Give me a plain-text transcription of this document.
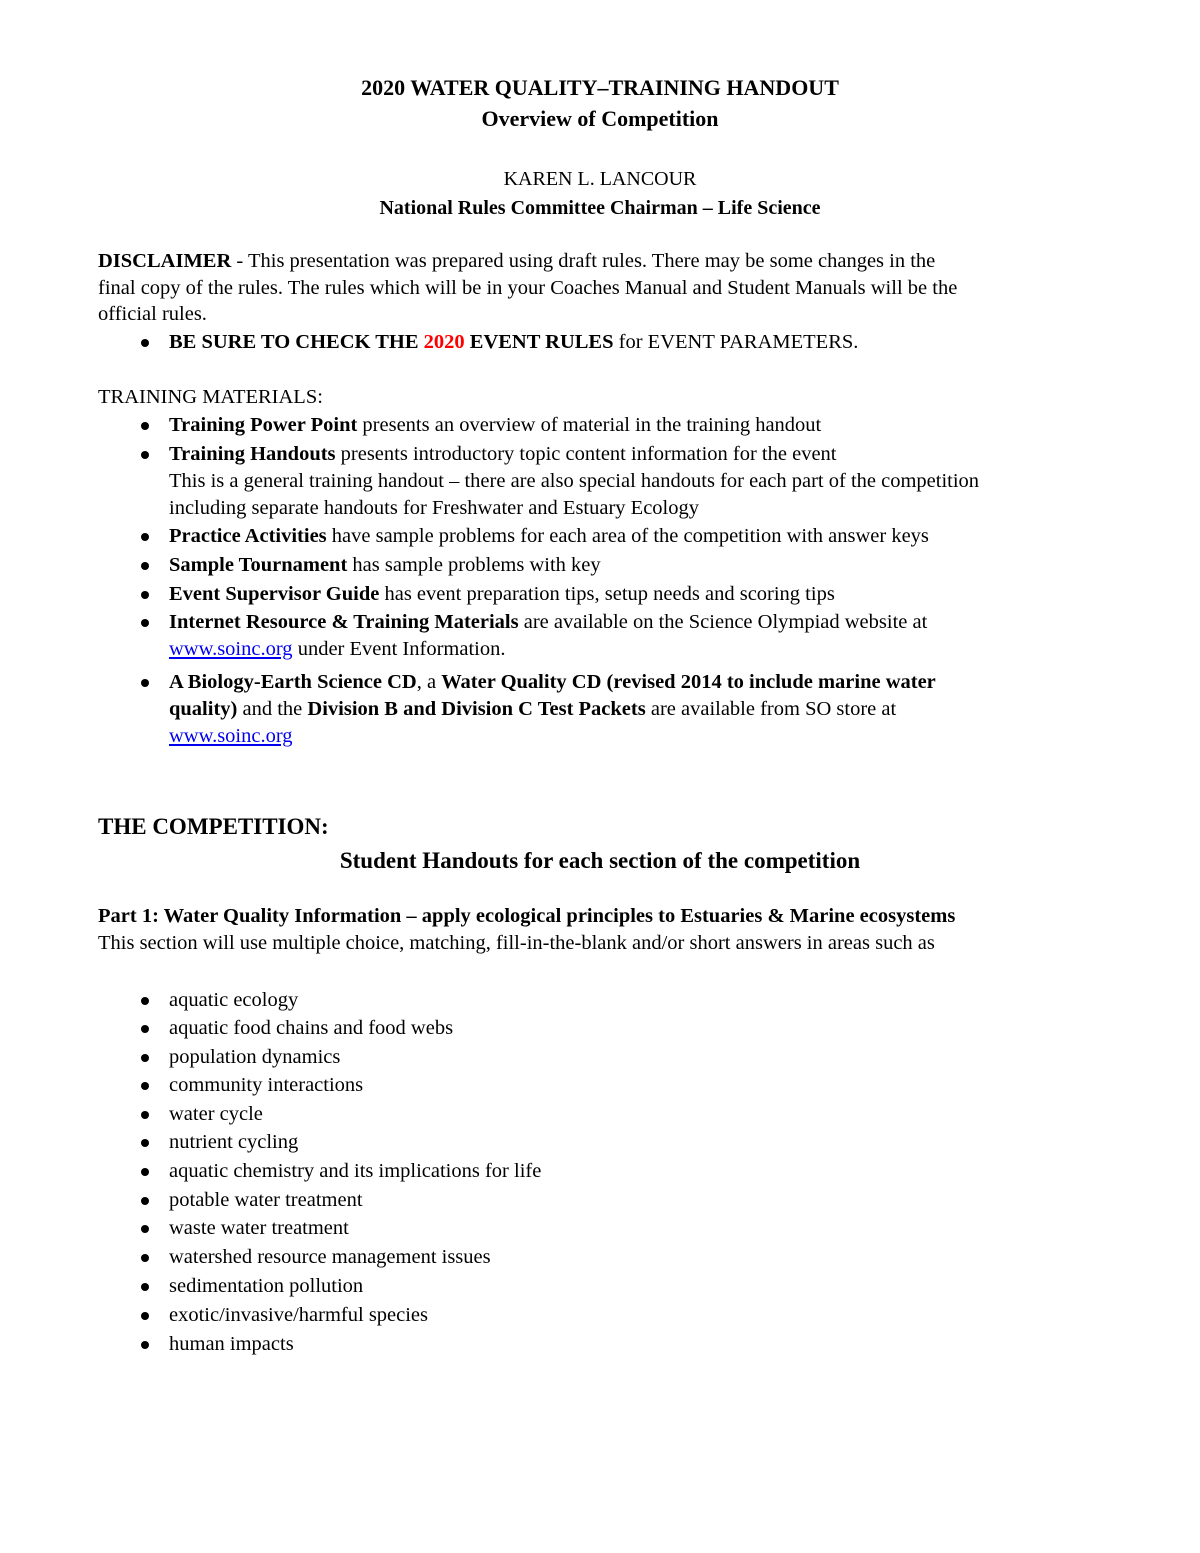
2020 WATER QUALITY–TRAINING HANDOUT

Overview of Competition

KAREN L. LANCOUR

National Rules Committee Chairman – Life Science

DISCLAIMER - This presentation was prepared using draft rules. There may be some changes in the

final copy of the rules. The rules which will be in your Coaches Manual and Student Manuals will be the

official rules.

BE SURE TO CHECK THE 2020 EVENT RULES for EVENT PARAMETERS.

TRAINING MATERIALS:

Training Power Point presents an overview of material in the training handout

Training Handouts presents introductory topic content information for the event

This is a general training handout – there are also special handouts for each part of the competition

including separate handouts for Freshwater and Estuary Ecology

Practice Activities have sample problems for each area of the competition with answer keys

Sample Tournament has sample problems with key

Event Supervisor Guide has event preparation tips, setup needs and scoring tips

Internet Resource & Training Materials are available on the Science Olympiad website at

www.soinc.org under Event Information.

A Biology-Earth Science CD, a Water Quality CD (revised 2014 to include marine water

quality) and the Division B and Division C Test Packets are available from SO store at

www.soinc.org

THE COMPETITION:

Student Handouts for each section of the competition

Part 1: Water Quality Information – apply ecological principles to Estuaries & Marine ecosystems

This section will use multiple choice, matching, fill-in-the-blank and/or short answers in areas such as

aquatic ecology

aquatic food chains and food webs

population dynamics

community interactions

water cycle

nutrient cycling

aquatic chemistry and its implications for life

potable water treatment

waste water treatment

watershed resource management issues

sedimentation pollution

exotic/invasive/harmful species

human impacts
